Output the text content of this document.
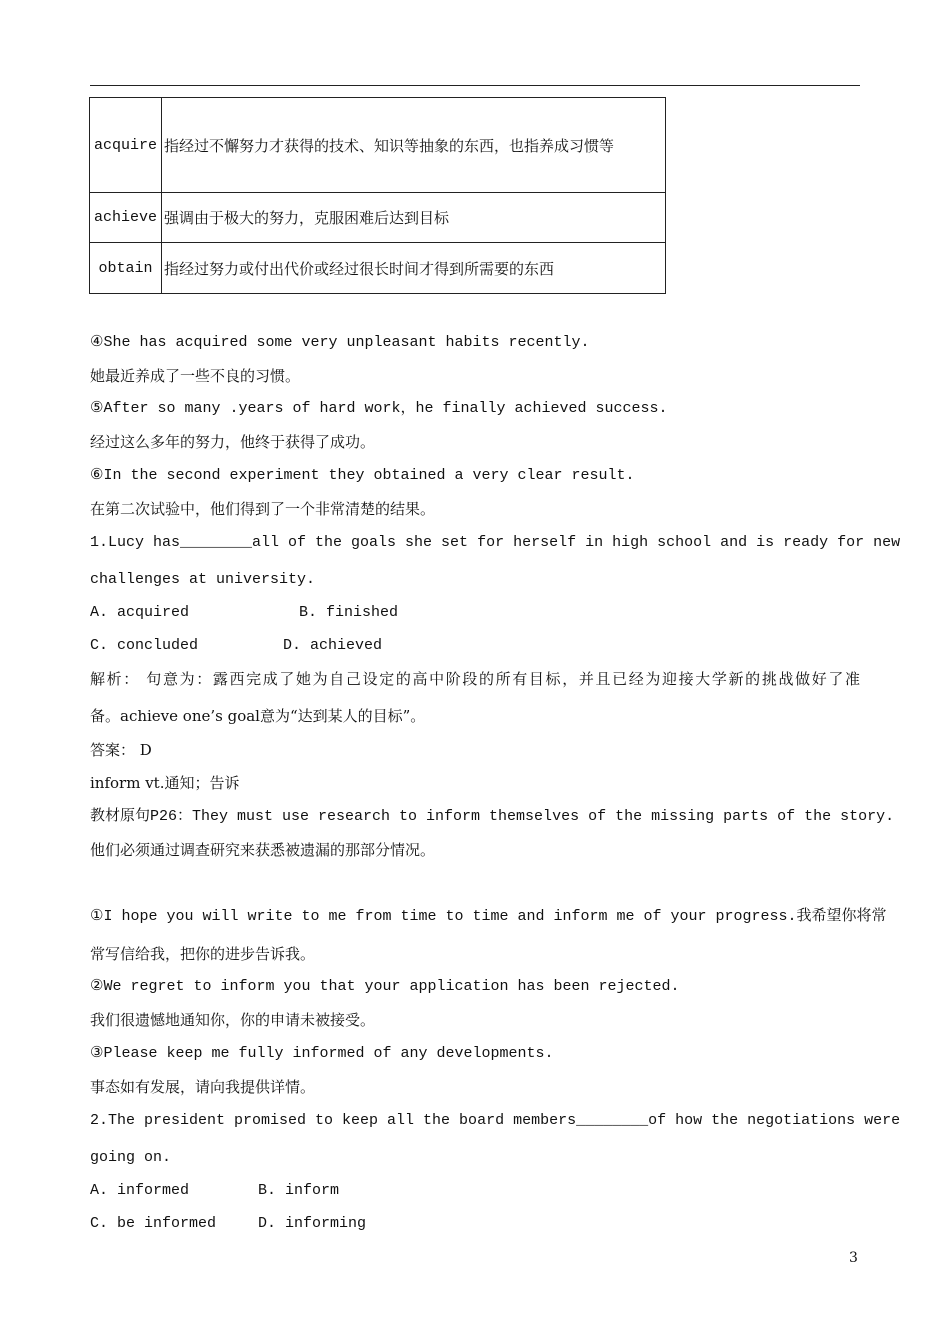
acquire	指经过不懈努力才获得的技术、知识等抽象的东西，也指养成习惯等
achieve	强调由于极大的努力，克服困难后达到目标
obtain	指经过努力或付出代价或经过很长时间才得到所需要的东西
④She has acquired some very unpleasant habits recently.
她最近养成了一些不良的习惯。
⑤After so many .years of hard work，he finally achieved success.
经过这么多年的努力，他终于获得了成功。
⑥In the second experiment they obtained a very clear result.
在第二次试验中，他们得到了一个非常清楚的结果。
1.Lucy has________all of the goals she set for herself in high school and is ready for new
challenges at university.
A. acquired	B. finished
C. concluded	D. achieved
解析： 句意为：露西完成了她为自己设定的高中阶段的所有目标，并且已经为迎接大学新的挑战做好了准
备。achieve one’s goal意为“达到某人的目标”。
答案： D
inform vt.通知；告诉
教材原句P26：They must use research to inform themselves of the missing parts of the story.
他们必须通过调查研究来获悉被遗漏的那部分情况。
①I hope you will write to me from time to time and inform me of your progress.我希望你将常
常写信给我，把你的进步告诉我。
②We regret to inform you that your application has been rejected.
我们很遗憾地通知你，你的申请未被接受。
③Please keep me fully informed of any developments.
事态如有发展，请向我提供详情。
2.The president promised to keep all the board members________of how the negotiations were
going on.
A. informed	B. inform
C. be informed	D. informing
3
